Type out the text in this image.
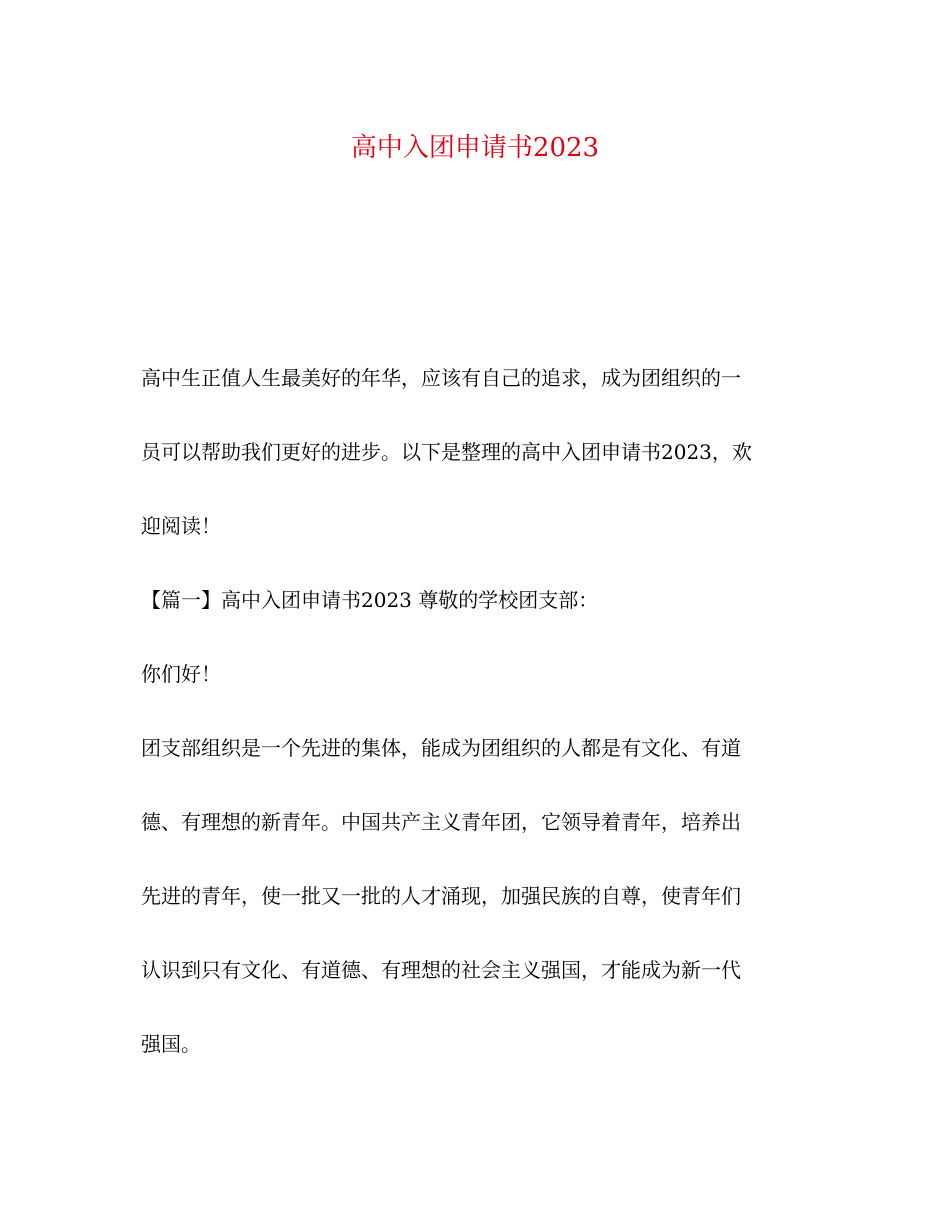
高中入团申请书2023
高中生正值人生最美好的年华，应该有自己的追求，成为团组织的一
员可以帮助我们更好的进步。以下是整理的高中入团申请书2023，欢
迎阅读！
【篇一】高中入团申请书2023 尊敬的学校团支部：
你们好！
团支部组织是一个先进的集体，能成为团组织的人都是有文化、有道
德、有理想的新青年。中国共产主义青年团，它领导着青年，培养出
先进的青年，使一批又一批的人才涌现，加强民族的自尊，使青年们
认识到只有文化、有道德、有理想的社会主义强国，才能成为新一代
强国。
